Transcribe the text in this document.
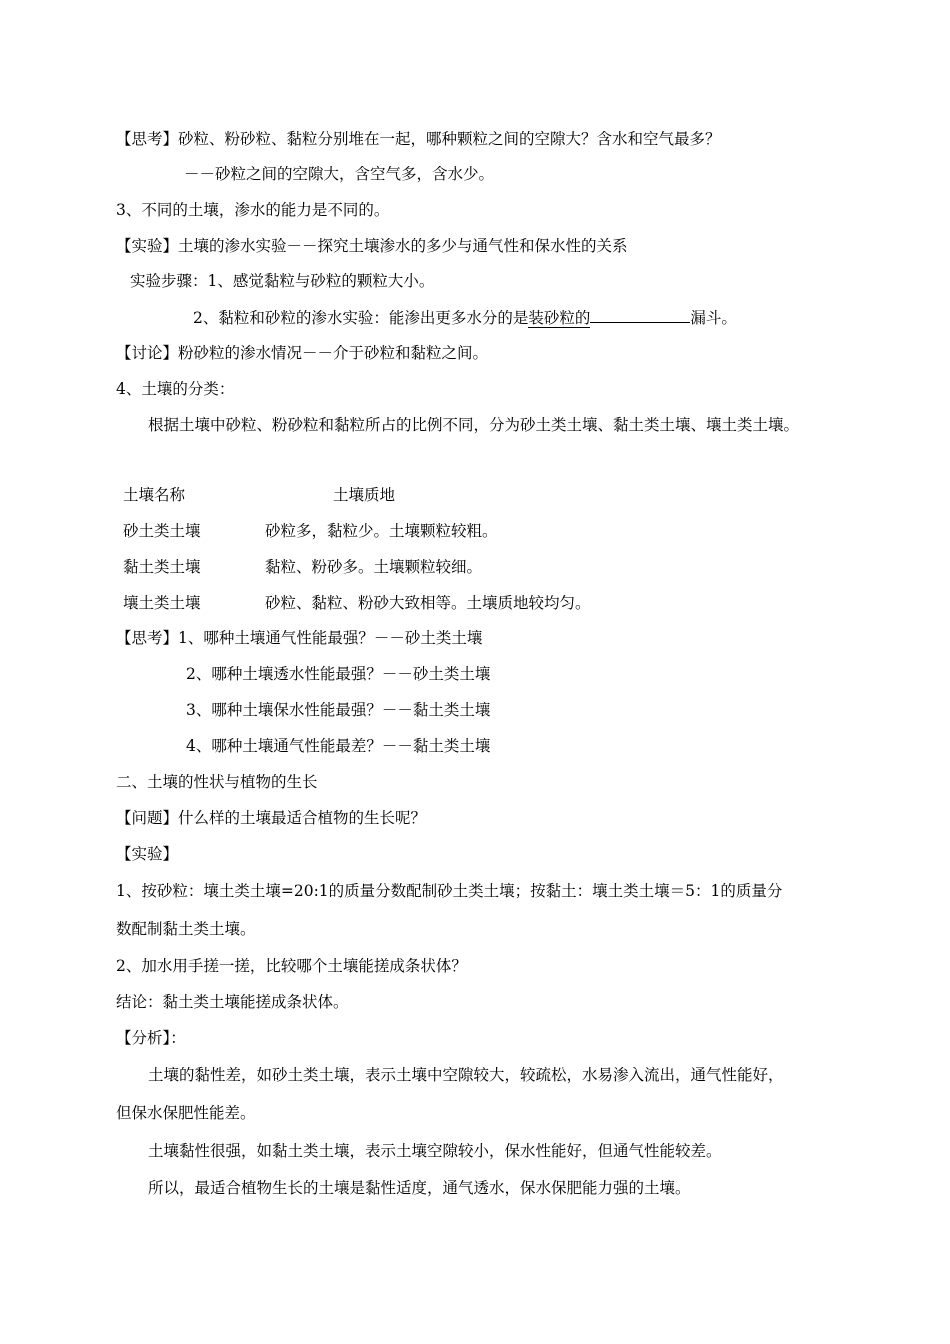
【思考】砂粒、粉砂粒、黏粒分别堆在一起，哪种颗粒之间的空隙大？含水和空气最多？
－－砂粒之间的空隙大，含空气多，含水少。
3、不同的土壤，渗水的能力是不同的。
【实验】土壤的渗水实验－－探究土壤渗水的多少与通气性和保水性的关系
实验步骤：1、感觉黏粒与砂粒的颗粒大小。
2、黏粒和砂粒的渗水实验：能渗出更多水分的是装砂粒的	漏斗。
【讨论】粉砂粒的渗水情况－－介于砂粒和黏粒之间。
4、土壤的分类：
根据土壤中砂粒、粉砂粒和黏粒所占的比例不同，分为砂土类土壤、黏土类土壤、壤土类土壤。
土壤名称	土壤质地
砂土类土壤	砂粒多，黏粒少。土壤颗粒较粗。
黏土类土壤	黏粒、粉砂多。土壤颗粒较细。
壤土类土壤	砂粒、黏粒、粉砂大致相等。土壤质地较均匀。
【思考】1、哪种土壤通气性能最强？－－砂土类土壤
2、哪种土壤透水性能最强？－－砂土类土壤
3、哪种土壤保水性能最强？－－黏土类土壤
4、哪种土壤通气性能最差？－－黏土类土壤
二、土壤的性状与植物的生长
【问题】什么样的土壤最适合植物的生长呢？
【实验】
1、按砂粒：壤土类土壤=20:1的质量分数配制砂土类土壤；按黏土：壤土类土壤＝5：1的质量分
数配制黏土类土壤。
2、加水用手搓一搓，比较哪个土壤能搓成条状体？
结论：黏土类土壤能搓成条状体。
【分析】：
土壤的黏性差，如砂土类土壤，表示土壤中空隙较大，较疏松，水易渗入流出，通气性能好，
但保水保肥性能差。
土壤黏性很强，如黏土类土壤，表示土壤空隙较小，保水性能好，但通气性能较差。
所以，最适合植物生长的土壤是黏性适度，通气透水，保水保肥能力强的土壤。
